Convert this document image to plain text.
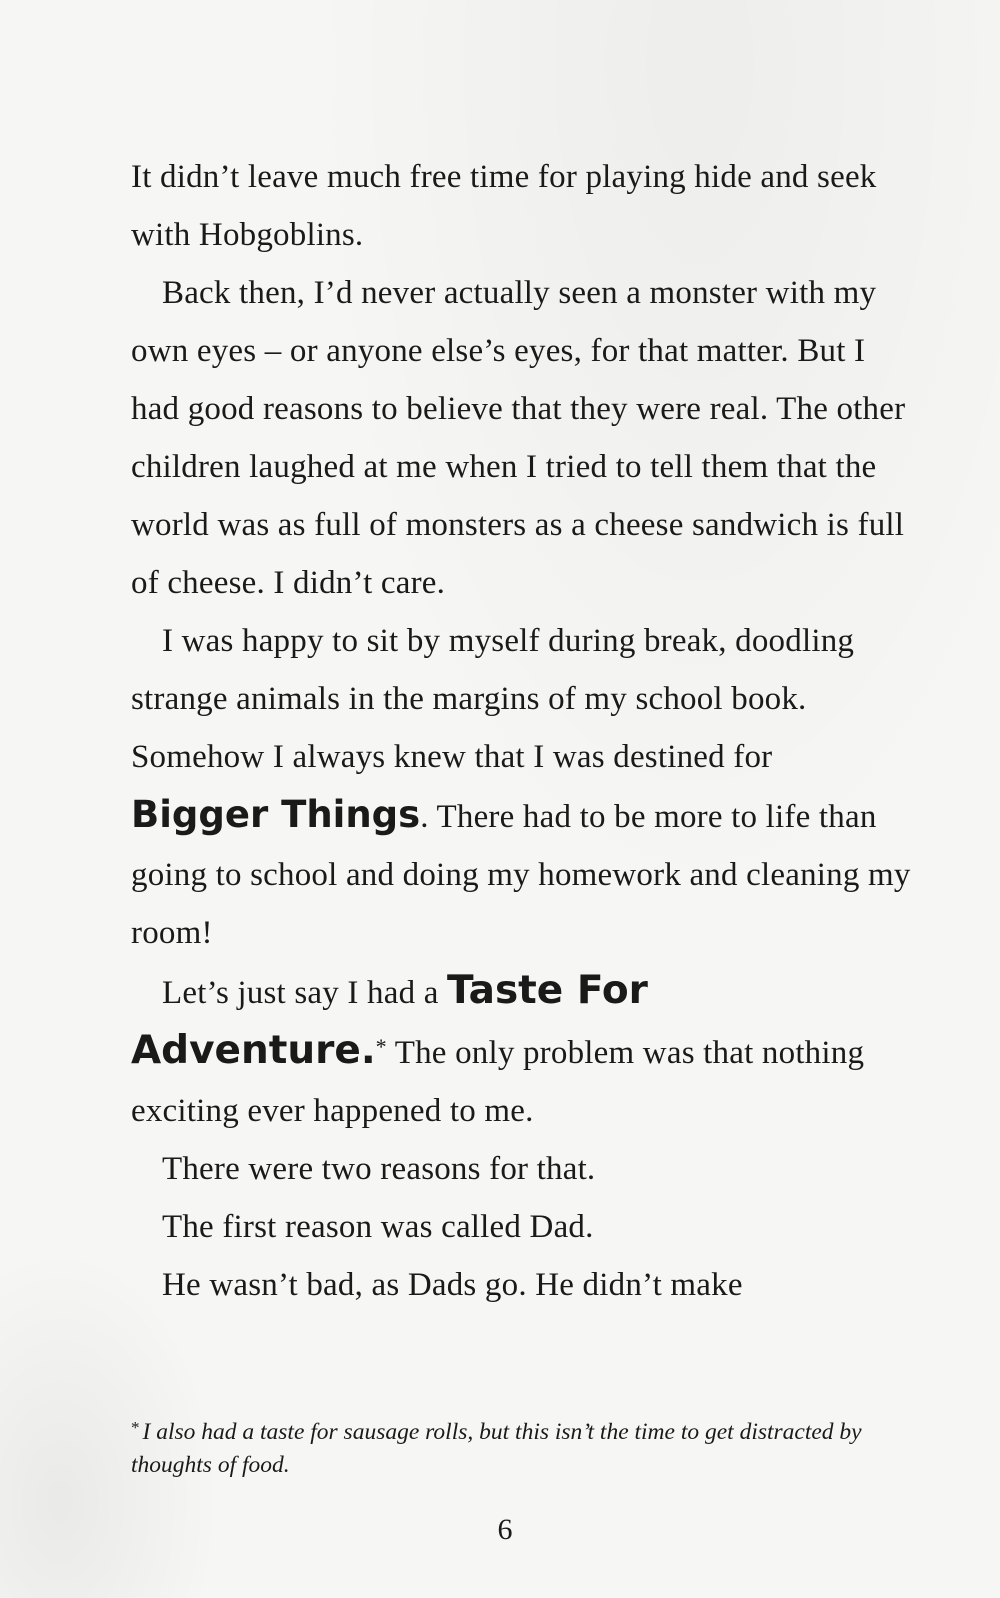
It didn’t leave much free time for playing hide and seek with Hobgoblins.

Back then, I’d never actually seen a monster with my own eyes – or anyone else’s eyes, for that matter. But I had good reasons to believe that they were real. The other children laughed at me when I tried to tell them that the world was as full of monsters as a cheese sandwich is full of cheese. I didn’t care.

I was happy to sit by myself during break, doodling strange animals in the margins of my school book. Somehow I always knew that I was destined for Bigger Things. There had to be more to life than going to school and doing my homework and cleaning my room!

Let’s just say I had a Taste For Adventure.* The only problem was that nothing exciting ever happened to me.

There were two reasons for that.

The first reason was called Dad.

He wasn’t bad, as Dads go. He didn’t make

* I also had a taste for sausage rolls, but this isn’t the time to get distracted by thoughts of food.
6
